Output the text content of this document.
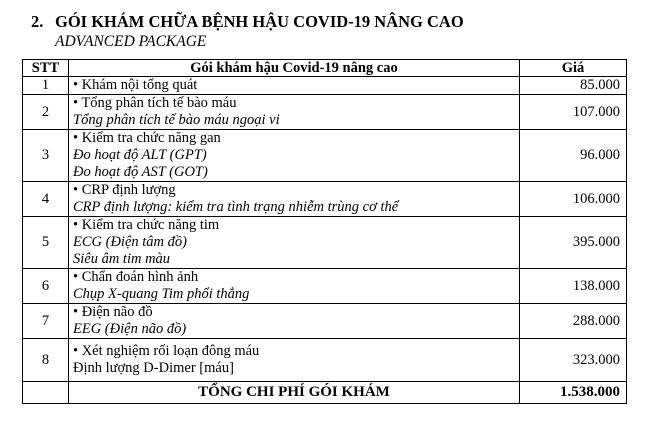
2. GÓI KHÁM CHỮA BỆNH HẬU COVID-19 NÂNG CAO
ADVANCED PACKAGE
STT	Gói khám hậu Covid-19 nâng cao	Giá
1	• Khám nội tổng quát	85.000
2	• Tổng phân tích tế bào máu
Tổng phân tích tế bào máu ngoại vi	107.000
3	• Kiểm tra chức năng gan
Đo hoạt độ ALT (GPT)
Đo hoạt độ AST (GOT)	96.000
4	• CRP định lượng
CRP định lượng: kiểm tra tình trạng nhiễm trùng cơ thể	106.000
5	• Kiểm tra chức năng tim
ECG (Điện tâm đồ)
Siêu âm tim màu	395.000
6	• Chẩn đoán hình ảnh
Chụp X-quang Tim phổi thẳng	138.000
7	• Điện não đồ
EEG (Điện não đồ)	288.000
8	• Xét nghiệm rối loạn đông máu
Định lượng D-Dimer [máu]	323.000
	TỔNG CHI PHÍ GÓI KHÁM	1.538.000
